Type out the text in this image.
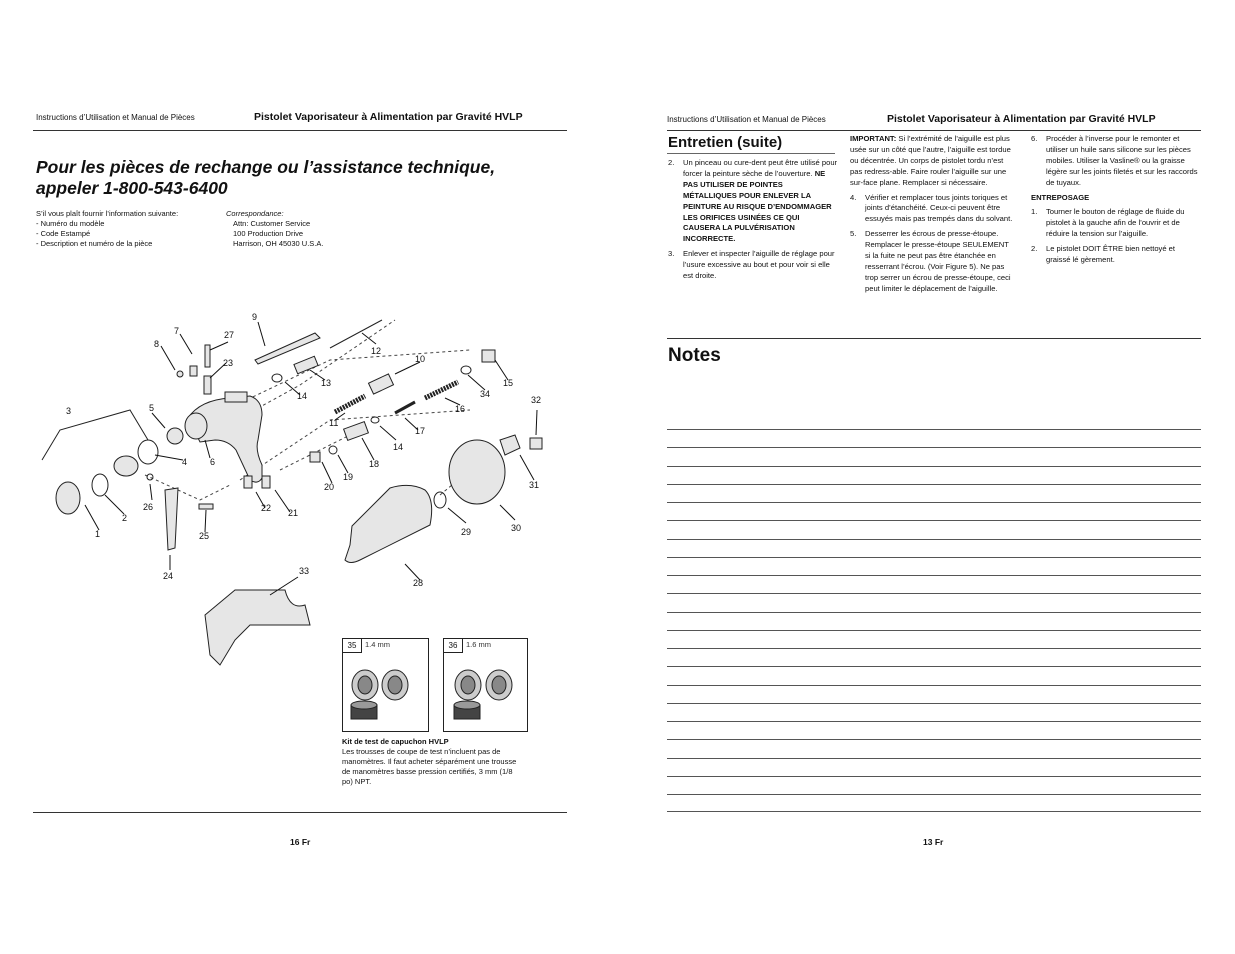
Instructions d’Utilisation et Manual de Pièces	Pistolet Vaporisateur à Alimentation par Gravité HVLP
Pour les pièces de rechange ou l’assistance technique,
appeler 1-800-543-6400
S’il vous plaît fournir l’information suivante:
- Numéro du modèle
- Code Estampé
- Description et numéro de la pièce
Correspondance:
Attn: Customer Service
100 Production Drive
Harrison, OH 45030 U.S.A.
1
2
3
4
5
6
7
8
9
10
11
12
13
14
14
15
16
17
18
19
20
21
22
23
24
25
26
27
28
29	30
31
32
33
34
35	1.4 mm	36	1.6 mm
Kit de test de capuchon HVLP
Les trousses de coupe de test n’incluent pas de manomètres. Il faut acheter séparément une trousse de manomètres basse pression certifiés, 3 mm (1/8 po) NPT.
16 Fr
Instructions d’Utilisation et Manual de Pièces	Pistolet Vaporisateur à Alimentation par Gravité HVLP
Entretien (suite)
2.	Un pinceau ou cure-dent peut être utilisé pour forcer la peinture sèche de l’ouverture. NE PAS UTILISER DE POINTES MÉTALLIQUES POUR ENLEVER LA PEINTURE AU RISQUE D’ENDOMMAGER LES ORIFICES USINÉES CE QUI CAUSERA LA PULVÉRISATION INCORRECTE.
3.	Enlever et inspecter l’aiguille de réglage pour l’usure excessive au bout et pour voir si elle est droite.

IMPORTANT: Si l’extrémité de l’aiguille est plus usée sur un côté que l’autre, l’aiguille est tordue ou décentrée. Un corps de pistolet tordu n’est pas redress-able. Faire rouler l’aiguille sur une sur-face plane. Remplacer si nécessaire.

4.	Vérifier et remplacer tous joints toriques et joints d’étanchéité. Ceux-ci peuvent être essuyés mais pas trempés dans du solvant.
5.	Desserrer les écrous de presse-étoupe. Remplacer le presse-étoupe SEULEMENT si la fuite ne peut pas être étanchée en resserrant l’écrou. (Voir Figure 5). Ne pas trop serrer un écrou de presse-étoupe, ceci peut limiter le déplacement de l’aiguille.
6.	Procéder à l’inverse pour le remonter et utiliser un huile sans silicone sur les pièces mobiles. Utiliser la Vasline® ou la graisse légère sur les joints filetés et sur les raccords de tuyaux.

ENTREPOSAGE

1.	Tourner le bouton de réglage de fluide du pistolet à la gauche afin de l’ouvrir et de réduire la tension sur l’aiguille.
2.	Le pistolet DOIT ÊTRE bien nettoyé et graissé lé gèrement.
Notes
13 Fr
